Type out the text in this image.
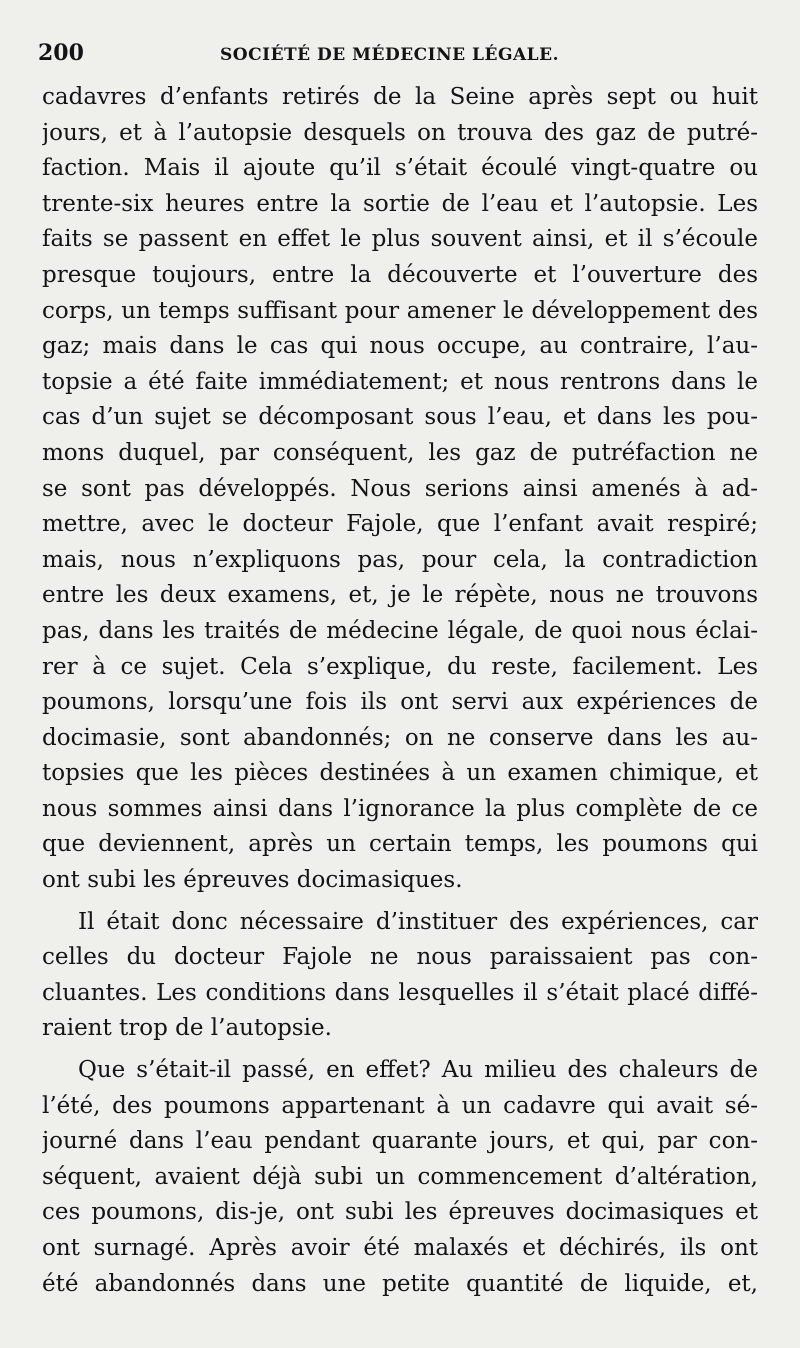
200	SOCIÉTÉ DE MÉDECINE LÉGALE.
cadavres d’enfants retirés de la Seine après sept ou huit
jours, et à l’autopsie desquels on trouva des gaz de putré-
faction. Mais il ajoute qu’il s’était écoulé vingt-quatre ou
trente-six heures entre la sortie de l’eau et l’autopsie. Les
faits se passent en effet le plus souvent ainsi, et il s’écoule
presque toujours, entre la découverte et l’ouverture des
corps, un temps suffisant pour amener le développement des
gaz; mais dans le cas qui nous occupe, au contraire, l’au-
topsie a été faite immédiatement; et nous rentrons dans le
cas d’un sujet se décomposant sous l’eau, et dans les pou-
mons duquel, par conséquent, les gaz de putréfaction ne
se sont pas développés. Nous serions ainsi amenés à ad-
mettre, avec le docteur Fajole, que l’enfant avait respiré;
mais, nous n’expliquons pas, pour cela, la contradiction
entre les deux examens, et, je le répète, nous ne trouvons
pas, dans les traités de médecine légale, de quoi nous éclai-
rer à ce sujet. Cela s’explique, du reste, facilement. Les
poumons, lorsqu’une fois ils ont servi aux expériences de
docimasie, sont abandonnés; on ne conserve dans les au-
topsies que les pièces destinées à un examen chimique, et
nous sommes ainsi dans l’ignorance la plus complète de ce
que deviennent, après un certain temps, les poumons qui
ont subi les épreuves docimasiques.
Il était donc nécessaire d’instituer des expériences, car
celles du docteur Fajole ne nous paraissaient pas con-
cluantes. Les conditions dans lesquelles il s’était placé diffé-
raient trop de l’autopsie.
Que s’était-il passé, en effet? Au milieu des chaleurs de
l’été, des poumons appartenant à un cadavre qui avait sé-
journé dans l’eau pendant quarante jours, et qui, par con-
séquent, avaient déjà subi un commencement d’altération,
ces poumons, dis-je, ont subi les épreuves docimasiques et
ont surnagé. Après avoir été malaxés et déchirés, ils ont
été abandonnés dans une petite quantité de liquide, et,
